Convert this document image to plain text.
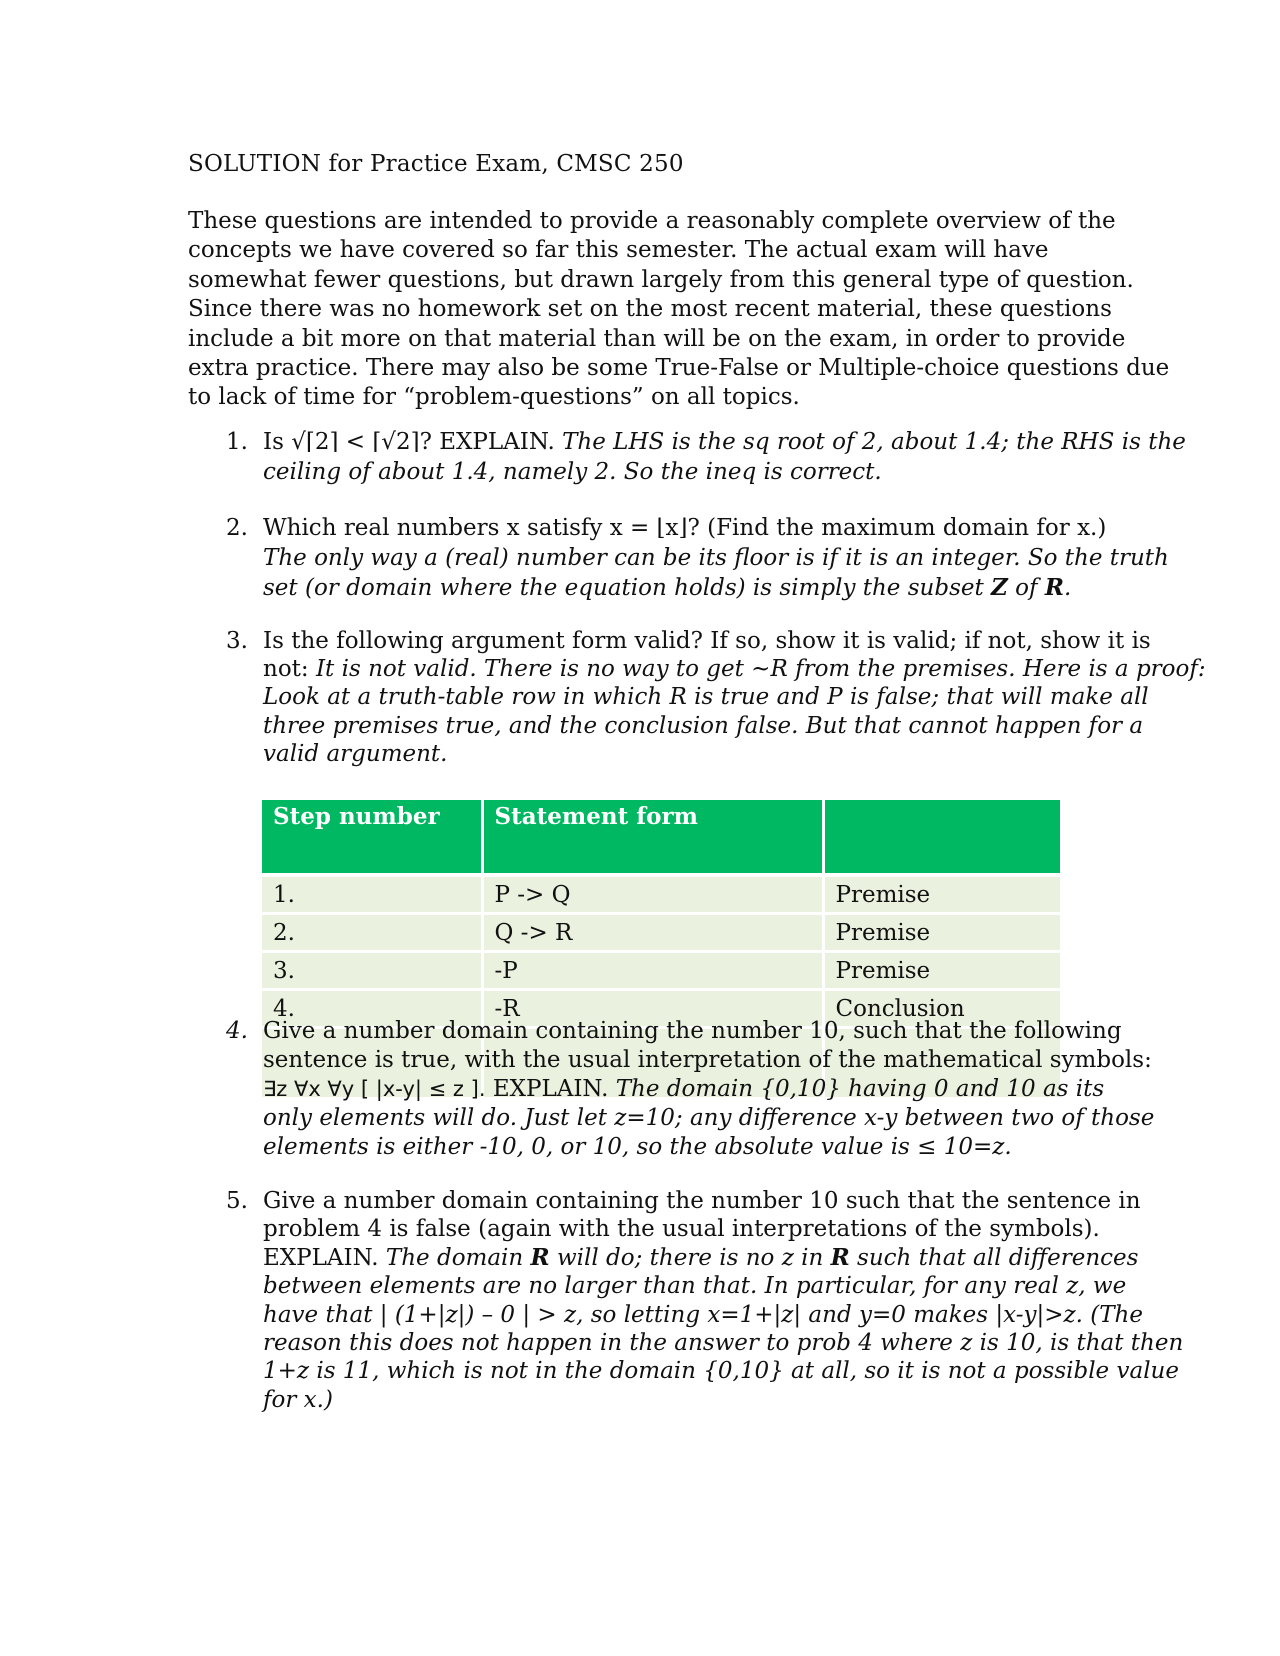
SOLUTION for Practice Exam, CMSC 250
These questions are intended to provide a reasonably complete overview of the
concepts we have covered so far this semester. The actual exam will have
somewhat fewer questions, but drawn largely from this general type of question.
Since there was no homework set on the most recent material, these questions
include a bit more on that material than will be on the exam, in order to provide
extra practice. There may also be some True-False or Multiple-choice questions due
to lack of time for “problem-questions” on all topics.
1. Is √⌈2⌉ < ⌈√2⌉? EXPLAIN. The LHS is the sq root of 2, about 1.4; the RHS is the
ceiling of about 1.4, namely 2. So the ineq is correct.
2. Which real numbers x satisfy x = ⌊x⌋? (Find the maximum domain for x.)
The only way a (real) number can be its floor is if it is an integer. So the truth
set (or domain where the equation holds) is simply the subset Z of R.
3. Is the following argument form valid? If so, show it is valid; if not, show it is
not: It is not valid. There is no way to get ~R from the premises. Here is a proof:
Look at a truth-table row in which R is true and P is false; that will make all
three premises true, and the conclusion false. But that cannot happen for a
valid argument.
Step number	Statement form	
1.	P -> Q	Premise
2.	Q -> R	Premise
3.	-P	Premise
4.	-R	Conclusion

4. Give a number domain containing the number 10, such that the following
sentence is true, with the usual interpretation of the mathematical symbols:
∃z ∀x ∀y [ |x-y| ≤ z ]. EXPLAIN. The domain {0,10} having 0 and 10 as its
only elements will do. Just let z=10; any difference x-y between two of those
elements is either -10, 0, or 10, so the absolute value is ≤ 10=z.
5. Give a number domain containing the number 10 such that the sentence in
problem 4 is false (again with the usual interpretations of the symbols).
EXPLAIN. The domain R will do; there is no z in R such that all differences
between elements are no larger than that. In particular, for any real z, we
have that | (1+|z|) – 0 | > z, so letting x=1+|z| and y=0 makes |x-y|>z. (The
reason this does not happen in the answer to prob 4 where z is 10, is that then
1+z is 11, which is not in the domain {0,10} at all, so it is not a possible value
for x.)
